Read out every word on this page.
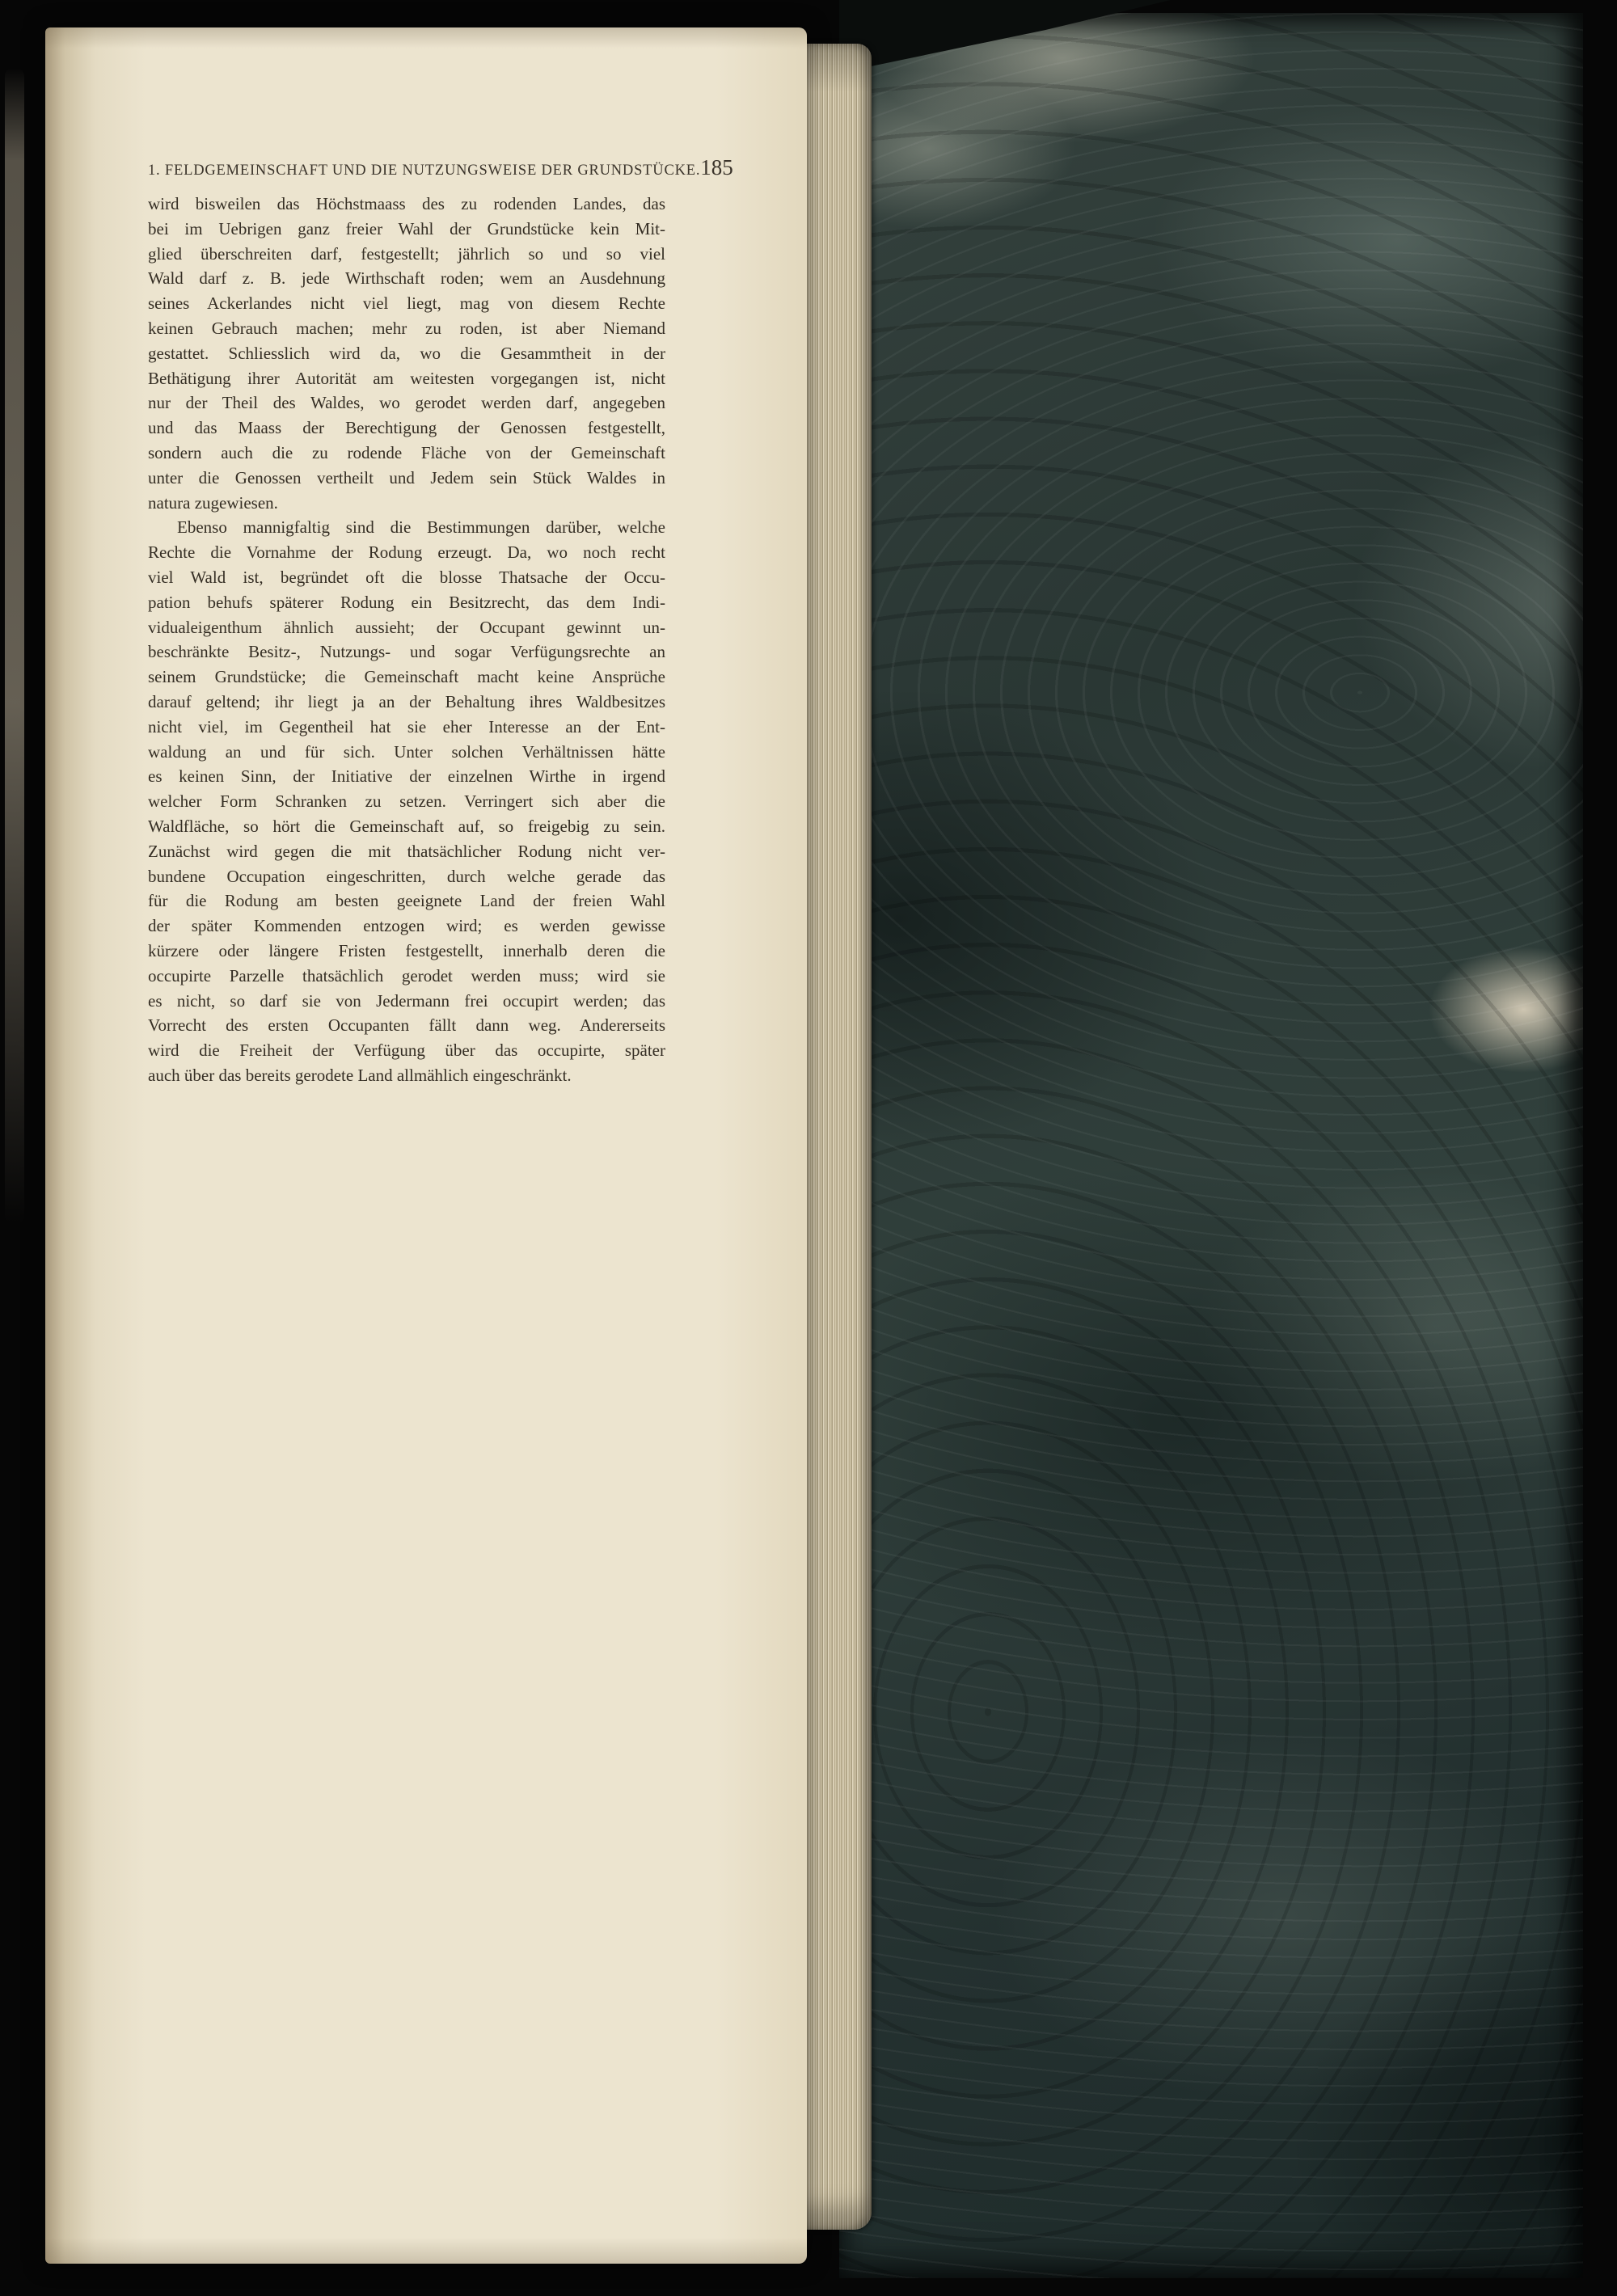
1. FELDGEMEINSCHAFT UND DIE NUTZUNGSWEISE DER GRUNDSTÜCKE. 185
wird bisweilen das Höchstmaass des zu rodenden Landes, das
bei im Uebrigen ganz freier Wahl der Grundstücke kein Mit-
glied überschreiten darf, festgestellt; jährlich so und so viel
Wald darf z. B. jede Wirthschaft roden; wem an Ausdehnung
seines Ackerlandes nicht viel liegt, mag von diesem Rechte
keinen Gebrauch machen; mehr zu roden, ist aber Niemand
gestattet. Schliesslich wird da, wo die Gesammtheit in der
Bethätigung ihrer Autorität am weitesten vorgegangen ist, nicht
nur der Theil des Waldes, wo gerodet werden darf, angegeben
und das Maass der Berechtigung der Genossen festgestellt,
sondern auch die zu rodende Fläche von der Gemeinschaft
unter die Genossen vertheilt und Jedem sein Stück Waldes in
natura zugewiesen.
Ebenso mannigfaltig sind die Bestimmungen darüber, welche
Rechte die Vornahme der Rodung erzeugt. Da, wo noch recht
viel Wald ist, begründet oft die blosse Thatsache der Occu-
pation behufs späterer Rodung ein Besitzrecht, das dem Indi-
vidualeigenthum ähnlich aussieht; der Occupant gewinnt un-
beschränkte Besitz-, Nutzungs- und sogar Verfügungsrechte an
seinem Grundstücke; die Gemeinschaft macht keine Ansprüche
darauf geltend; ihr liegt ja an der Behaltung ihres Waldbesitzes
nicht viel, im Gegentheil hat sie eher Interesse an der Ent-
waldung an und für sich. Unter solchen Verhältnissen hätte
es keinen Sinn, der Initiative der einzelnen Wirthe in irgend
welcher Form Schranken zu setzen. Verringert sich aber die
Waldfläche, so hört die Gemeinschaft auf, so freigebig zu sein.
Zunächst wird gegen die mit thatsächlicher Rodung nicht ver-
bundene Occupation eingeschritten, durch welche gerade das
für die Rodung am besten geeignete Land der freien Wahl
der später Kommenden entzogen wird; es werden gewisse
kürzere oder längere Fristen festgestellt, innerhalb deren die
occupirte Parzelle thatsächlich gerodet werden muss; wird sie
es nicht, so darf sie von Jedermann frei occupirt werden; das
Vorrecht des ersten Occupanten fällt dann weg. Andererseits
wird die Freiheit der Verfügung über das occupirte, später
auch über das bereits gerodete Land allmählich eingeschränkt.
